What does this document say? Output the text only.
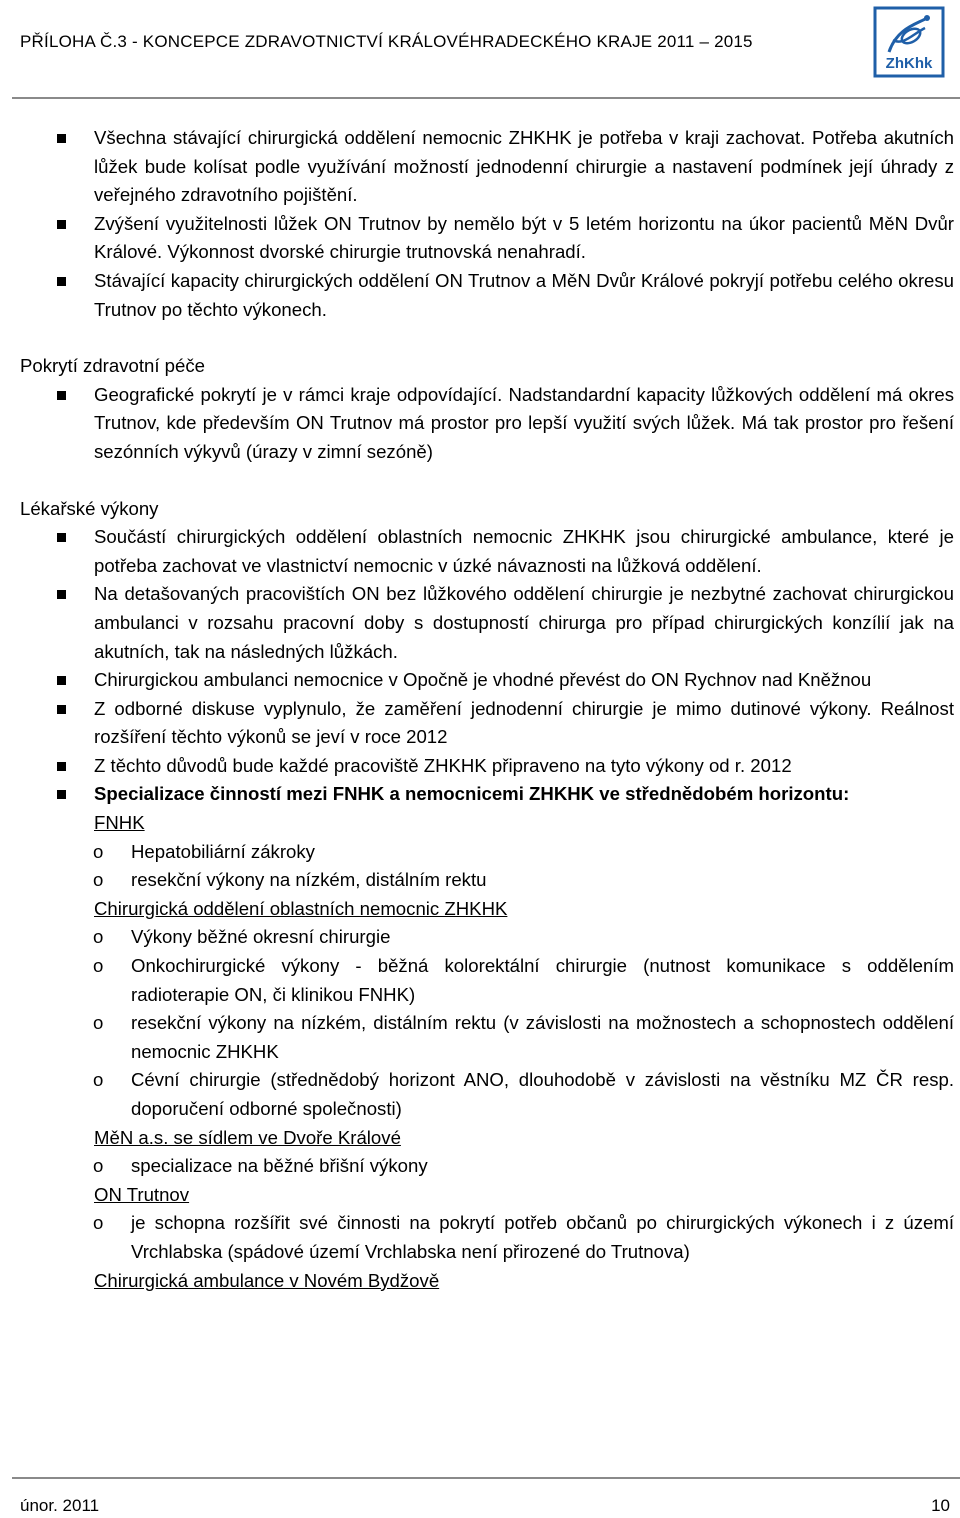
PŘÍLOHA Č.3 - KONCEPCE ZDRAVOTNICTVÍ KRÁLOVÉHRADECKÉHO KRAJE 2011 – 2015
ZhKhk
Všechna stávající chirurgická oddělení nemocnic ZHKHK je potřeba v kraji zachovat. Potřeba akutních lůžek bude kolísat podle využívání možností jednodenní chirurgie a nastavení podmínek její úhrady z veřejného zdravotního pojištění.
Zvýšení využitelnosti lůžek ON Trutnov by nemělo být v 5 letém horizontu na úkor pacientů MěN Dvůr Králové. Výkonnost dvorské chirurgie trutnovská nenahradí.
Stávající kapacity chirurgických oddělení ON Trutnov a MěN Dvůr Králové pokryjí potřebu celého okresu Trutnov po těchto výkonech.
Pokrytí zdravotní péče
Geografické pokrytí je v rámci kraje odpovídající. Nadstandardní kapacity lůžkových oddělení má okres Trutnov, kde především ON Trutnov má prostor pro lepší využití svých lůžek. Má tak prostor pro řešení sezónních výkyvů (úrazy v zimní sezóně)
Lékařské výkony
Součástí chirurgických oddělení oblastních nemocnic ZHKHK jsou chirurgické ambulance, které je potřeba zachovat ve vlastnictví nemocnic v úzké návaznosti na lůžková oddělení.
Na detašovaných pracovištích ON bez lůžkového oddělení chirurgie je nezbytné zachovat chirurgickou ambulanci v rozsahu pracovní doby s dostupností chirurga pro případ chirurgických konzílií jak na akutních, tak na následných lůžkách.
Chirurgickou ambulanci nemocnice v Opočně je vhodné převést do ON Rychnov nad Kněžnou
Z odborné diskuse vyplynulo, že zaměření jednodenní chirurgie je mimo dutinové výkony. Reálnost rozšíření těchto výkonů se jeví v roce 2012
Z těchto důvodů bude každé pracoviště ZHKHK připraveno na tyto výkony od r. 2012
Specializace činností mezi FNHK a nemocnicemi ZHKHK ve střednědobém horizontu:
FNHK
o Hepatobiliární zákroky
o resekční výkony na nízkém, distálním rektu
Chirurgická oddělení oblastních nemocnic ZHKHK
o Výkony běžné okresní chirurgie
o Onkochirurgické výkony - běžná kolorektální chirurgie (nutnost komunikace s oddělením radioterapie ON, či klinikou FNHK)
o resekční výkony na nízkém, distálním rektu (v závislosti na možnostech a schopnostech oddělení nemocnic ZHKHK
o Cévní chirurgie (střednědobý horizont ANO, dlouhodobě v závislosti na věstníku MZ ČR resp. doporučení odborné společnosti)
MěN a.s. se sídlem ve Dvoře Králové
o specializace na běžné břišní výkony
ON Trutnov
o je schopna rozšířit své činnosti na pokrytí potřeb občanů po chirurgických výkonech i z území Vrchlabska (spádové území Vrchlabska není přirozené do Trutnova)
Chirurgická ambulance v Novém Bydžově
únor. 2011	10
